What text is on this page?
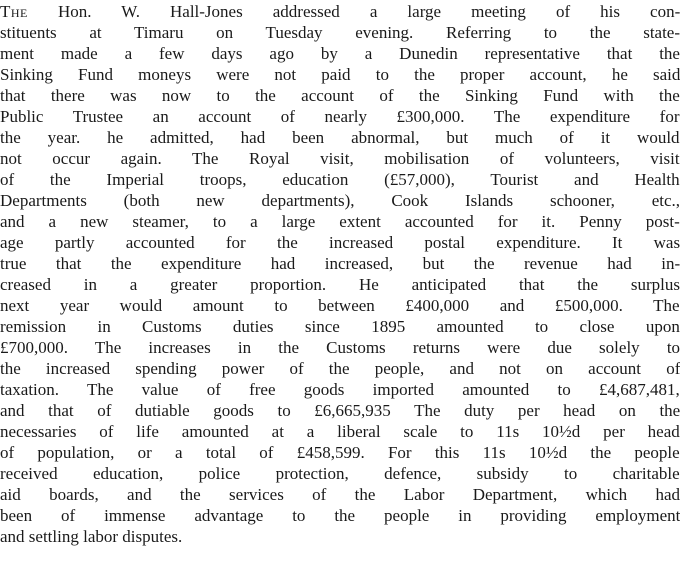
The Hon. W. Hall-Jones addressed a large meeting of his con-
stituents at Timaru on Tuesday evening. Referring to the state-
ment made a few days ago by a Dunedin representative that the
Sinking Fund moneys were not paid to the proper account, he said
that there was now to the account of the Sinking Fund with the
Public Trustee an account of nearly £300,000. The expenditure for
the year. he admitted, had been abnormal, but much of it would
not occur again. The Royal visit, mobilisation of volunteers, visit
of the Imperial troops, education (£57,000), Tourist and Health
Departments (both new departments), Cook Islands schooner, etc.,
and a new steamer, to a large extent accounted for it. Penny post-
age partly accounted for the increased postal expenditure. It was
true that the expenditure had increased, but the revenue had in-
creased in a greater proportion. He anticipated that the surplus
next year would amount to between £400,000 and £500,000. The
remission in Customs duties since 1895 amounted to close upon
£700,000. The increases in the Customs returns were due solely to
the increased spending power of the people, and not on account of
taxation. The value of free goods imported amounted to £4,687,481,
and that of dutiable goods to £6,665,935 The duty per head on the
necessaries of life amounted at a liberal scale to 11s 10½d per head
of population, or a total of £458,599. For this 11s 10½d the people
received education, police protection, defence, subsidy to charitable
aid boards, and the services of the Labor Department, which had
been of immense advantage to the people in providing employment
and settling labor disputes.
